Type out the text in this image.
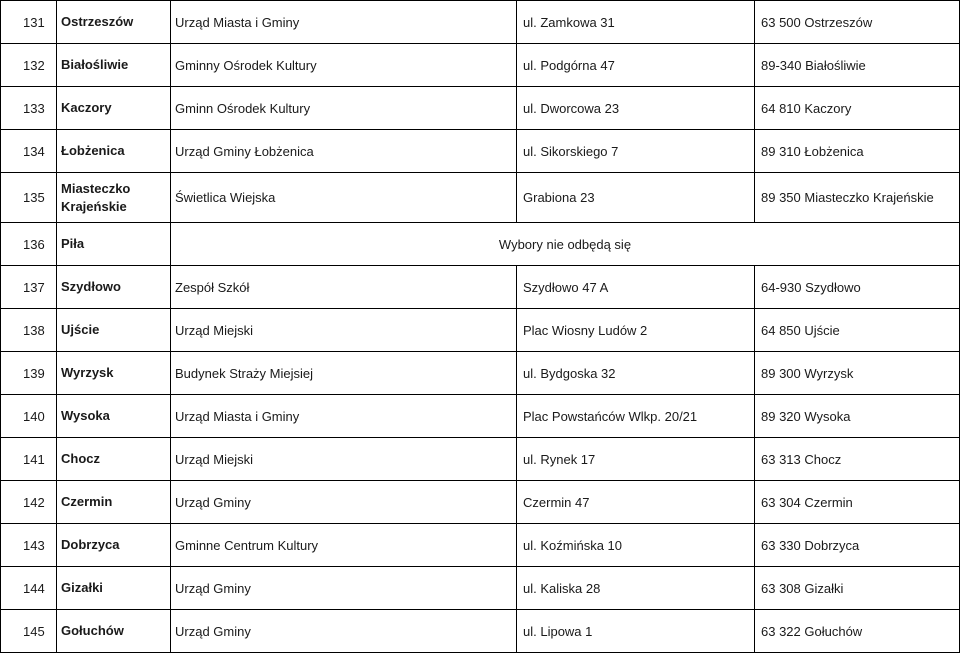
131	Ostrzeszów	Urząd Miasta i Gminy	ul. Zamkowa 31	63 500 Ostrzeszów
132	Białośliwie	Gminny Ośrodek Kultury	ul. Podgórna 47	89-340 Białośliwie
133	Kaczory	Gminn Ośrodek Kultury	ul. Dworcowa 23	64 810 Kaczory
134	Łobżenica	Urząd Gminy Łobżenica	ul. Sikorskiego 7	89 310 Łobżenica
135	Miasteczko Krajeńskie	Świetlica Wiejska	Grabiona 23	89 350 Miasteczko Krajeńskie
136	Piła	Wybory nie odbędą się		
137	Szydłowo	Zespół Szkół	Szydłowo 47 A	64-930 Szydłowo
138	Ujście	Urząd Miejski	Plac Wiosny Ludów 2	64 850 Ujście
139	Wyrzysk	Budynek Straży Miejsiej	ul. Bydgoska 32	89 300 Wyrzysk
140	Wysoka	Urząd Miasta i Gminy	Plac Powstańców Wlkp. 20/21	89 320 Wysoka
141	Chocz	Urząd Miejski	ul. Rynek 17	63 313 Chocz
142	Czermin	Urząd Gminy	Czermin 47	63 304 Czermin
143	Dobrzyca	Gminne Centrum Kultury	ul. Koźmińska 10	63 330 Dobrzyca
144	Gizałki	Urząd Gminy	ul. Kaliska 28	63 308 Gizałki
145	Gołuchów	Urząd Gminy	ul. Lipowa 1	63 322 Gołuchów
